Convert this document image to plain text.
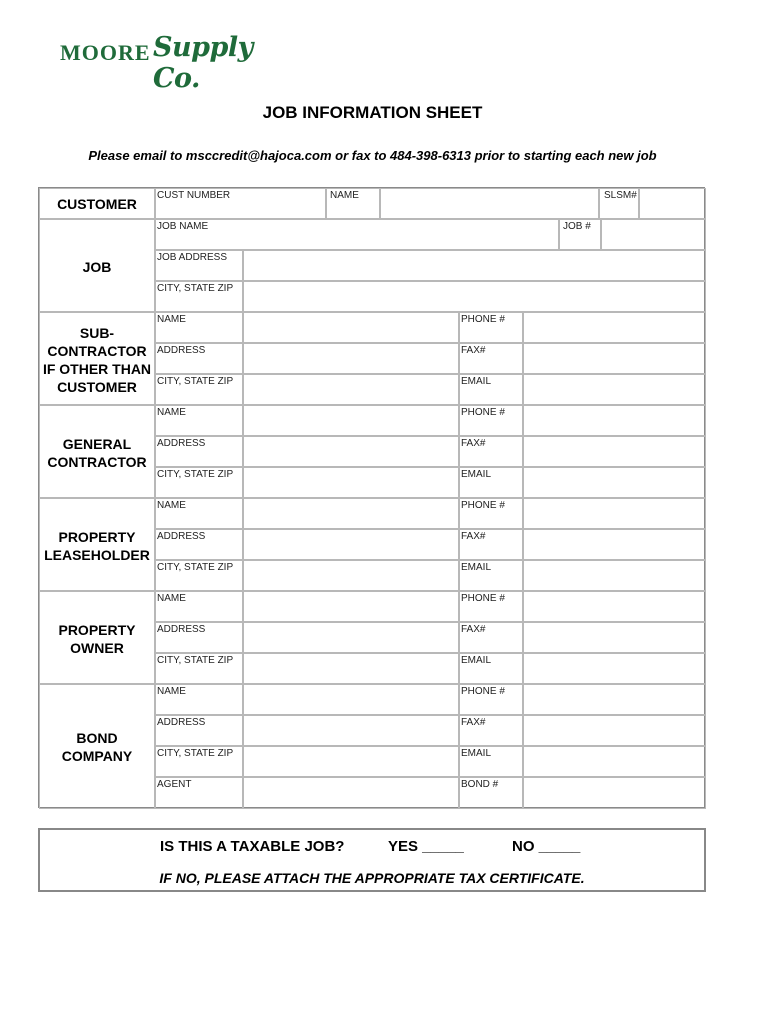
MOORE Supply Co.
JOB INFORMATION SHEET
Please email to msccredit@hajoca.com or fax to 484-398-6313 prior to starting each new job
CUSTOMER
CUST NUMBER	NAME	SLSM#
JOB
JOB NAME	JOB #
JOB ADDRESS
CITY, STATE ZIP
SUB-
CONTRACTOR
IF OTHER THAN
CUSTOMER
NAME	PHONE #
ADDRESS	FAX#
CITY, STATE ZIP	EMAIL
GENERAL
CONTRACTOR
NAME	PHONE #
ADDRESS	FAX#
CITY, STATE ZIP	EMAIL
PROPERTY
LEASEHOLDER
NAME	PHONE #
ADDRESS	FAX#
CITY, STATE ZIP	EMAIL
PROPERTY
OWNER
NAME	PHONE #
ADDRESS	FAX#
CITY, STATE ZIP	EMAIL
BOND
COMPANY
NAME	PHONE #
ADDRESS	FAX#
CITY, STATE ZIP	EMAIL
AGENT	BOND #
IS THIS A TAXABLE JOB?	YES _____	NO _____
IF NO, PLEASE ATTACH THE APPROPRIATE TAX CERTIFICATE.
